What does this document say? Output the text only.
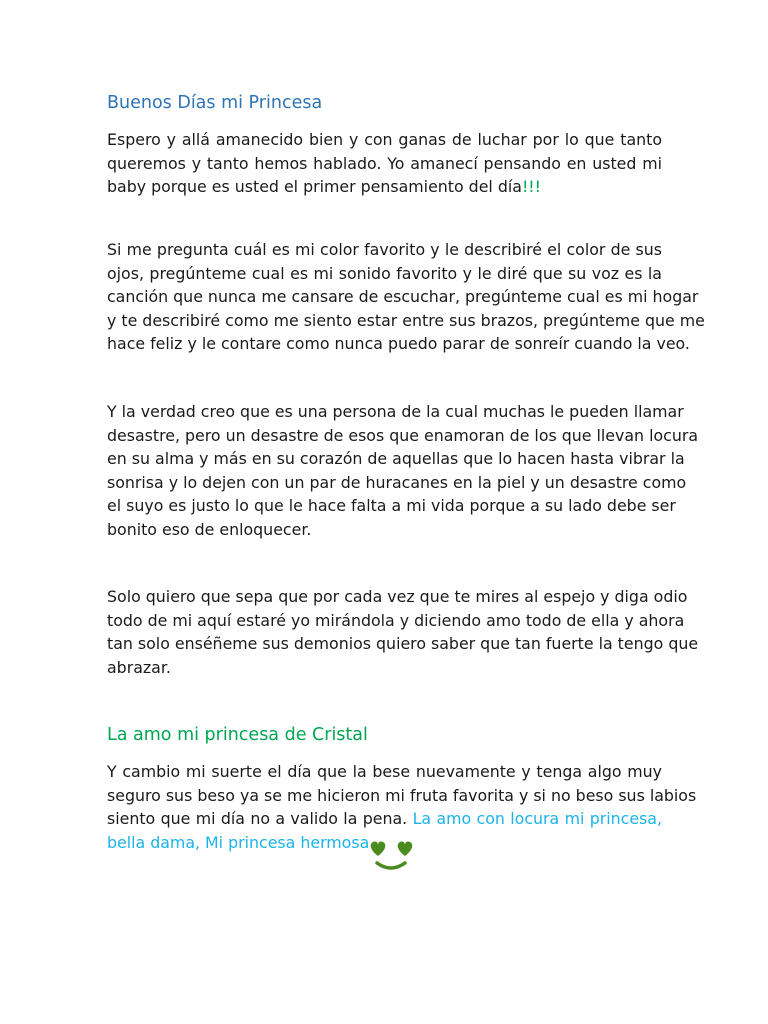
Buenos Días mi Princesa

Espero y allá amanecido bien y con ganas de luchar por lo que tanto
queremos y tanto hemos hablado. Yo amanecí pensando en usted mi
baby porque es usted el primer pensamiento del día!!!

Si me pregunta cuál es mi color favorito y le describiré el color de sus
ojos, pregúnteme cual es mi sonido favorito y le diré que su voz es la
canción que nunca me cansare de escuchar, pregúnteme cual es mi hogar
y te describiré como me siento estar entre sus brazos, pregúnteme que me
hace feliz y le contare como nunca puedo parar de sonreír cuando la veo.

Y la verdad creo que es una persona de la cual muchas le pueden llamar
desastre, pero un desastre de esos que enamoran de los que llevan locura
en su alma y más en su corazón de aquellas que lo hacen hasta vibrar la
sonrisa y lo dejen con un par de huracanes en la piel y un desastre como
el suyo es justo lo que le hace falta a mi vida porque a su lado debe ser
bonito eso de enloquecer.

Solo quiero que sepa que por cada vez que te mires al espejo y diga odio
todo de mi aquí estaré yo mirándola y diciendo amo todo de ella y ahora
tan solo enséñeme sus demonios quiero saber que tan fuerte la tengo que
abrazar.

La amo mi princesa de Cristal

Y cambio mi suerte el día que la bese nuevamente y tenga algo muy
seguro sus beso ya se me hicieron mi fruta favorita y si no beso sus labios
siento que mi día no a valido la pena. La amo con locura mi princesa,
bella dama, Mi princesa hermosa
